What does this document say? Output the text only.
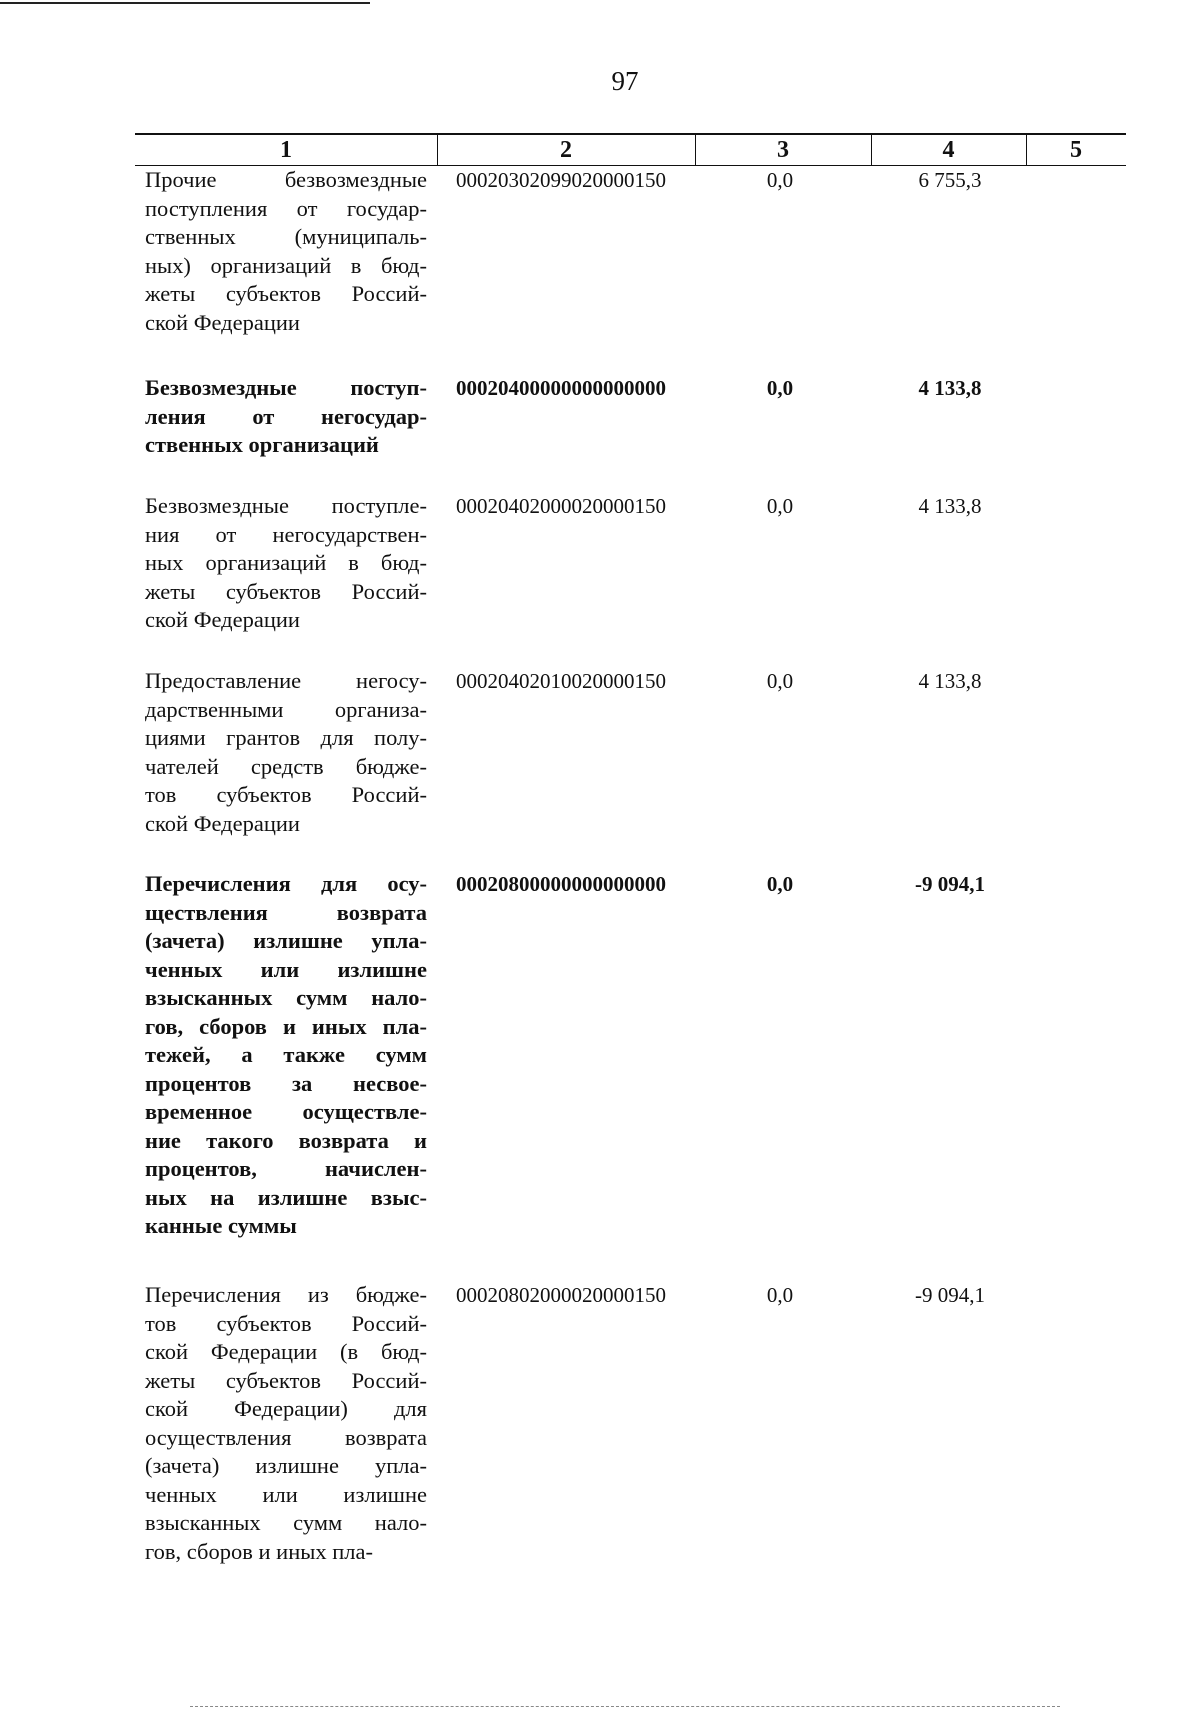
97
1	2	3	4	5
Прочие безвозмездные
поступления от государ-
ственных (муниципаль-
ных) организаций в бюд-
жеты субъектов Россий-
ской Федерации
00020302099020000150	0,0	6 755,3
Безвозмездные поступ-
ления от негосудар-
ственных организаций
00020400000000000000	0,0	4 133,8
Безвозмездные поступле-
ния от негосударствен-
ных организаций в бюд-
жеты субъектов Россий-
ской Федерации
00020402000020000150	0,0	4 133,8
Предоставление негосу-
дарственными организа-
циями грантов для полу-
чателей средств бюдже-
тов субъектов Россий-
ской Федерации
00020402010020000150	0,0	4 133,8
Перечисления для осу-
ществления возврата
(зачета) излишне упла-
ченных или излишне
взысканных сумм нало-
гов, сборов и иных пла-
тежей, а также сумм
процентов за несвое-
временное осуществле-
ние такого возврата и
процентов, начислен-
ных на излишне взыс-
канные суммы
00020800000000000000	0,0	-9 094,1
Перечисления из бюдже-
тов субъектов Россий-
ской Федерации (в бюд-
жеты субъектов Россий-
ской Федерации) для
осуществления возврата
(зачета) излишне упла-
ченных или излишне
взысканных сумм нало-
гов, сборов и иных пла-
00020802000020000150	0,0	-9 094,1
